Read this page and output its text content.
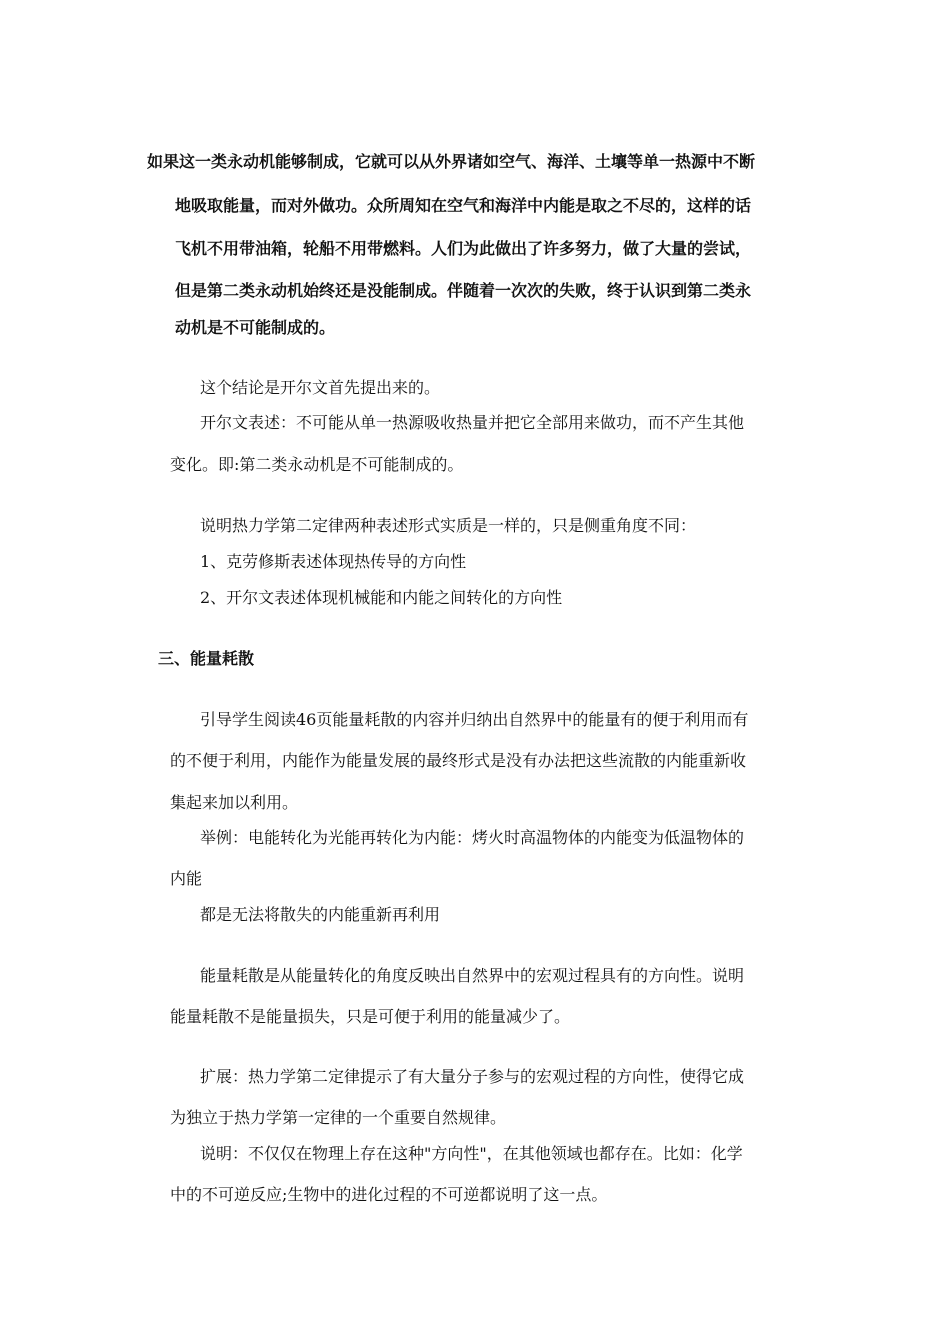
如果这一类永动机能够制成，它就可以从外界诸如空气、海洋、土壤等单一热源中不断
地吸取能量，而对外做功。众所周知在空气和海洋中内能是取之不尽的，这样的话
飞机不用带油箱，轮船不用带燃料。人们为此做出了许多努力，做了大量的尝试，
但是第二类永动机始终还是没能制成。伴随着一次次的失败，终于认识到第二类永
动机是不可能制成的。
这个结论是开尔文首先提出来的。
开尔文表述：不可能从单一热源吸收热量并把它全部用来做功，而不产生其他
变化。即:第二类永动机是不可能制成的。
说明热力学第二定律两种表述形式实质是一样的，只是侧重角度不同：
1、克劳修斯表述体现热传导的方向性
2、开尔文表述体现机械能和内能之间转化的方向性
三、能量耗散
引导学生阅读46页能量耗散的内容并归纳出自然界中的能量有的便于利用而有
的不便于利用，内能作为能量发展的最终形式是没有办法把这些流散的内能重新收
集起来加以利用。
举例：电能转化为光能再转化为内能：烤火时高温物体的内能变为低温物体的
内能
都是无法将散失的内能重新再利用
能量耗散是从能量转化的角度反映出自然界中的宏观过程具有的方向性。说明
能量耗散不是能量损失，只是可便于利用的能量减少了。
扩展：热力学第二定律提示了有大量分子参与的宏观过程的方向性，使得它成
为独立于热力学第一定律的一个重要自然规律。
说明：不仅仅在物理上存在这种"方向性"，在其他领域也都存在。比如：化学
中的不可逆反应;生物中的进化过程的不可逆都说明了这一点。
